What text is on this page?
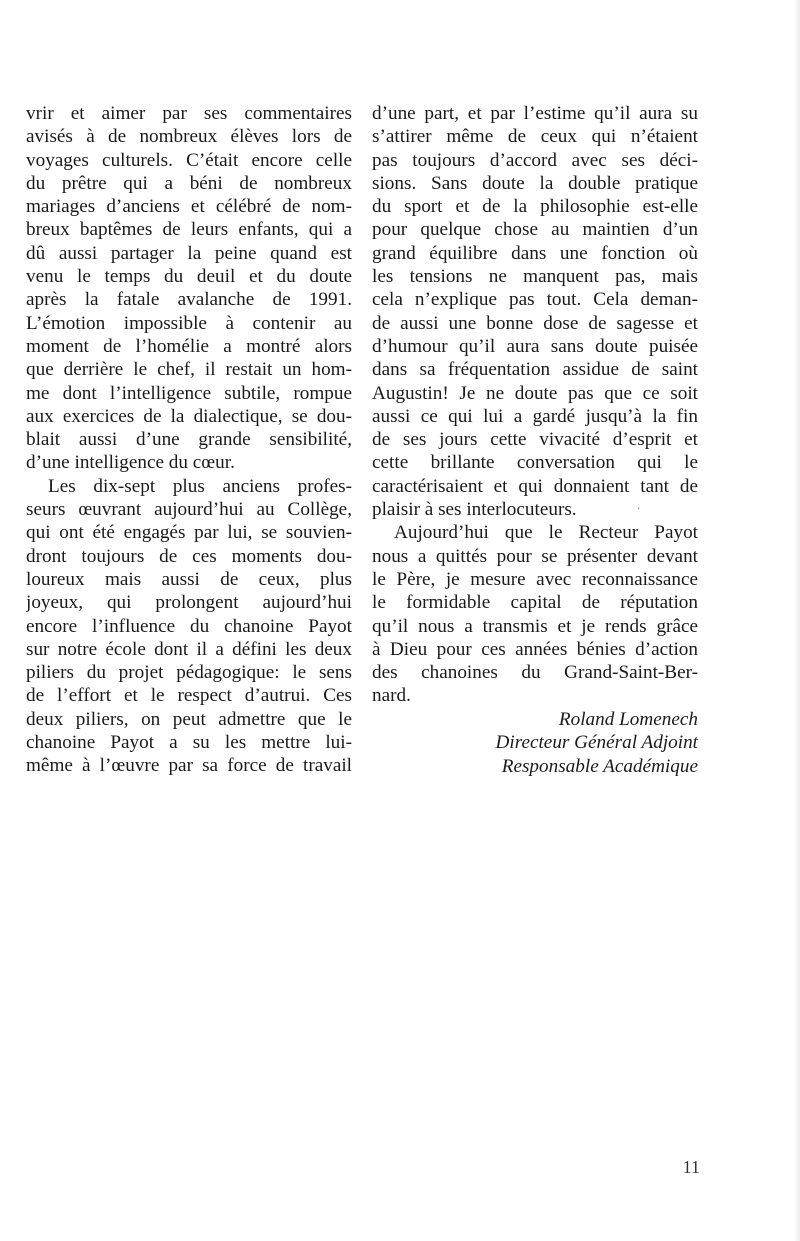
vrir et aimer par ses commentaires
avisés à de nombreux élèves lors de
voyages culturels. C’était encore celle
du prêtre qui a béni de nombreux
mariages d’anciens et célébré de nom-
breux baptêmes de leurs enfants, qui a
dû aussi partager la peine quand est
venu le temps du deuil et du doute
après la fatale avalanche de 1991.
L’émotion impossible à contenir au
moment de l’homélie a montré alors
que derrière le chef, il restait un hom-
me dont l’intelligence subtile, rompue
aux exercices de la dialectique, se dou-
blait aussi d’une grande sensibilité,
d’une intelligence du cœur.
Les dix-sept plus anciens profes-
seurs œuvrant aujourd’hui au Collège,
qui ont été engagés par lui, se souvien-
dront toujours de ces moments dou-
loureux mais aussi de ceux, plus
joyeux, qui prolongent aujourd’hui
encore l’influence du chanoine Payot
sur notre école dont il a défini les deux
piliers du projet pédagogique: le sens
de l’effort et le respect d’autrui. Ces
deux piliers, on peut admettre que le
chanoine Payot a su les mettre lui-
même à l’œuvre par sa force de travail
d’une part, et par l’estime qu’il aura su
s’attirer même de ceux qui n’étaient
pas toujours d’accord avec ses déci-
sions. Sans doute la double pratique
du sport et de la philosophie est-elle
pour quelque chose au maintien d’un
grand équilibre dans une fonction où
les tensions ne manquent pas, mais
cela n’explique pas tout. Cela deman-
de aussi une bonne dose de sagesse et
d’humour qu’il aura sans doute puisée
dans sa fréquentation assidue de saint
Augustin! Je ne doute pas que ce soit
aussi ce qui lui a gardé jusqu’à la fin
de ses jours cette vivacité d’esprit et
cette brillante conversation qui le
caractérisaient et qui donnaient tant de
plaisir à ses interlocuteurs.
Aujourd’hui que le Recteur Payot
nous a quittés pour se présenter devant
le Père, je mesure avec reconnaissance
le formidable capital de réputation
qu’il nous a transmis et je rends grâce
à Dieu pour ces années bénies d’action
des chanoines du Grand-Saint-Ber-
nard.
‘
Roland Lomenech
Directeur Général Adjoint
Responsable Académique
11
